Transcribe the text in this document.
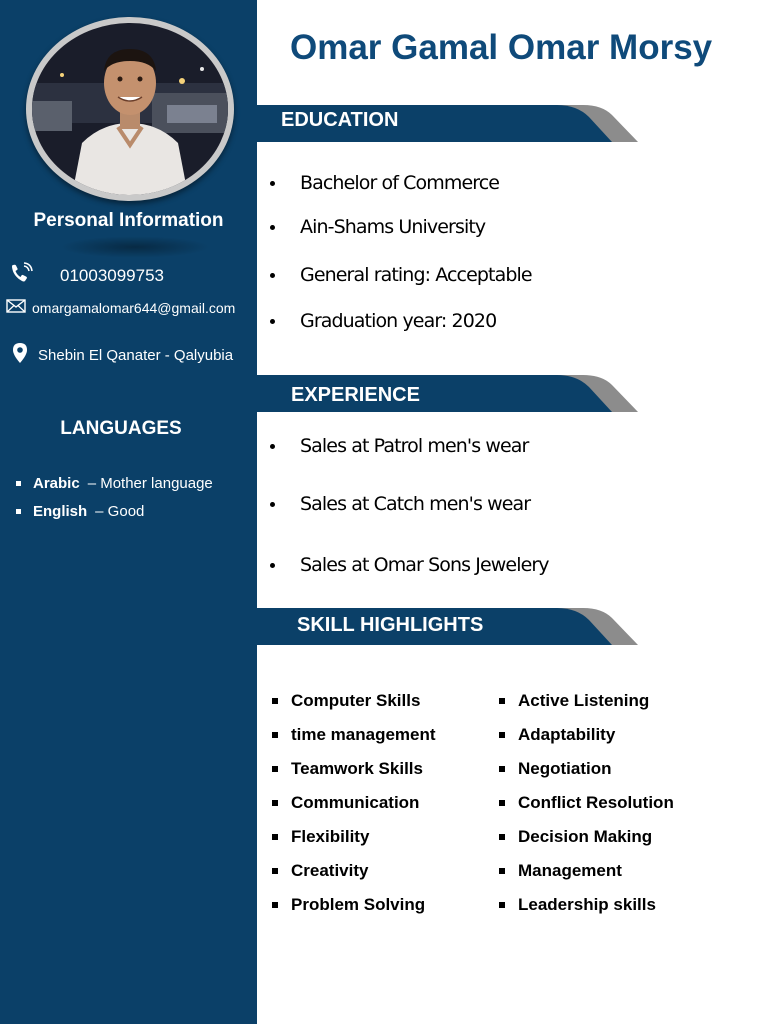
Personal Information
01003099753
omargamalomar644@gmail.com
Shebin El Qanater - Qalyubia
LANGUAGES
Arabic – Mother language
English – Good
Omar Gamal Omar Morsy
EDUCATION
Bachelor of Commerce
Ain-Shams University
General rating: Acceptable
Graduation year: 2020
EXPERIENCE
Sales at Patrol men's wear
Sales at Catch men's wear
Sales at Omar Sons Jewelery
SKILL HIGHLIGHTS
Computer Skills
time management
Teamwork Skills
Communication
Flexibility
Creativity
Problem Solving
Active Listening
Adaptability
Negotiation
Conflict Resolution
Decision Making
Management
Leadership skills
